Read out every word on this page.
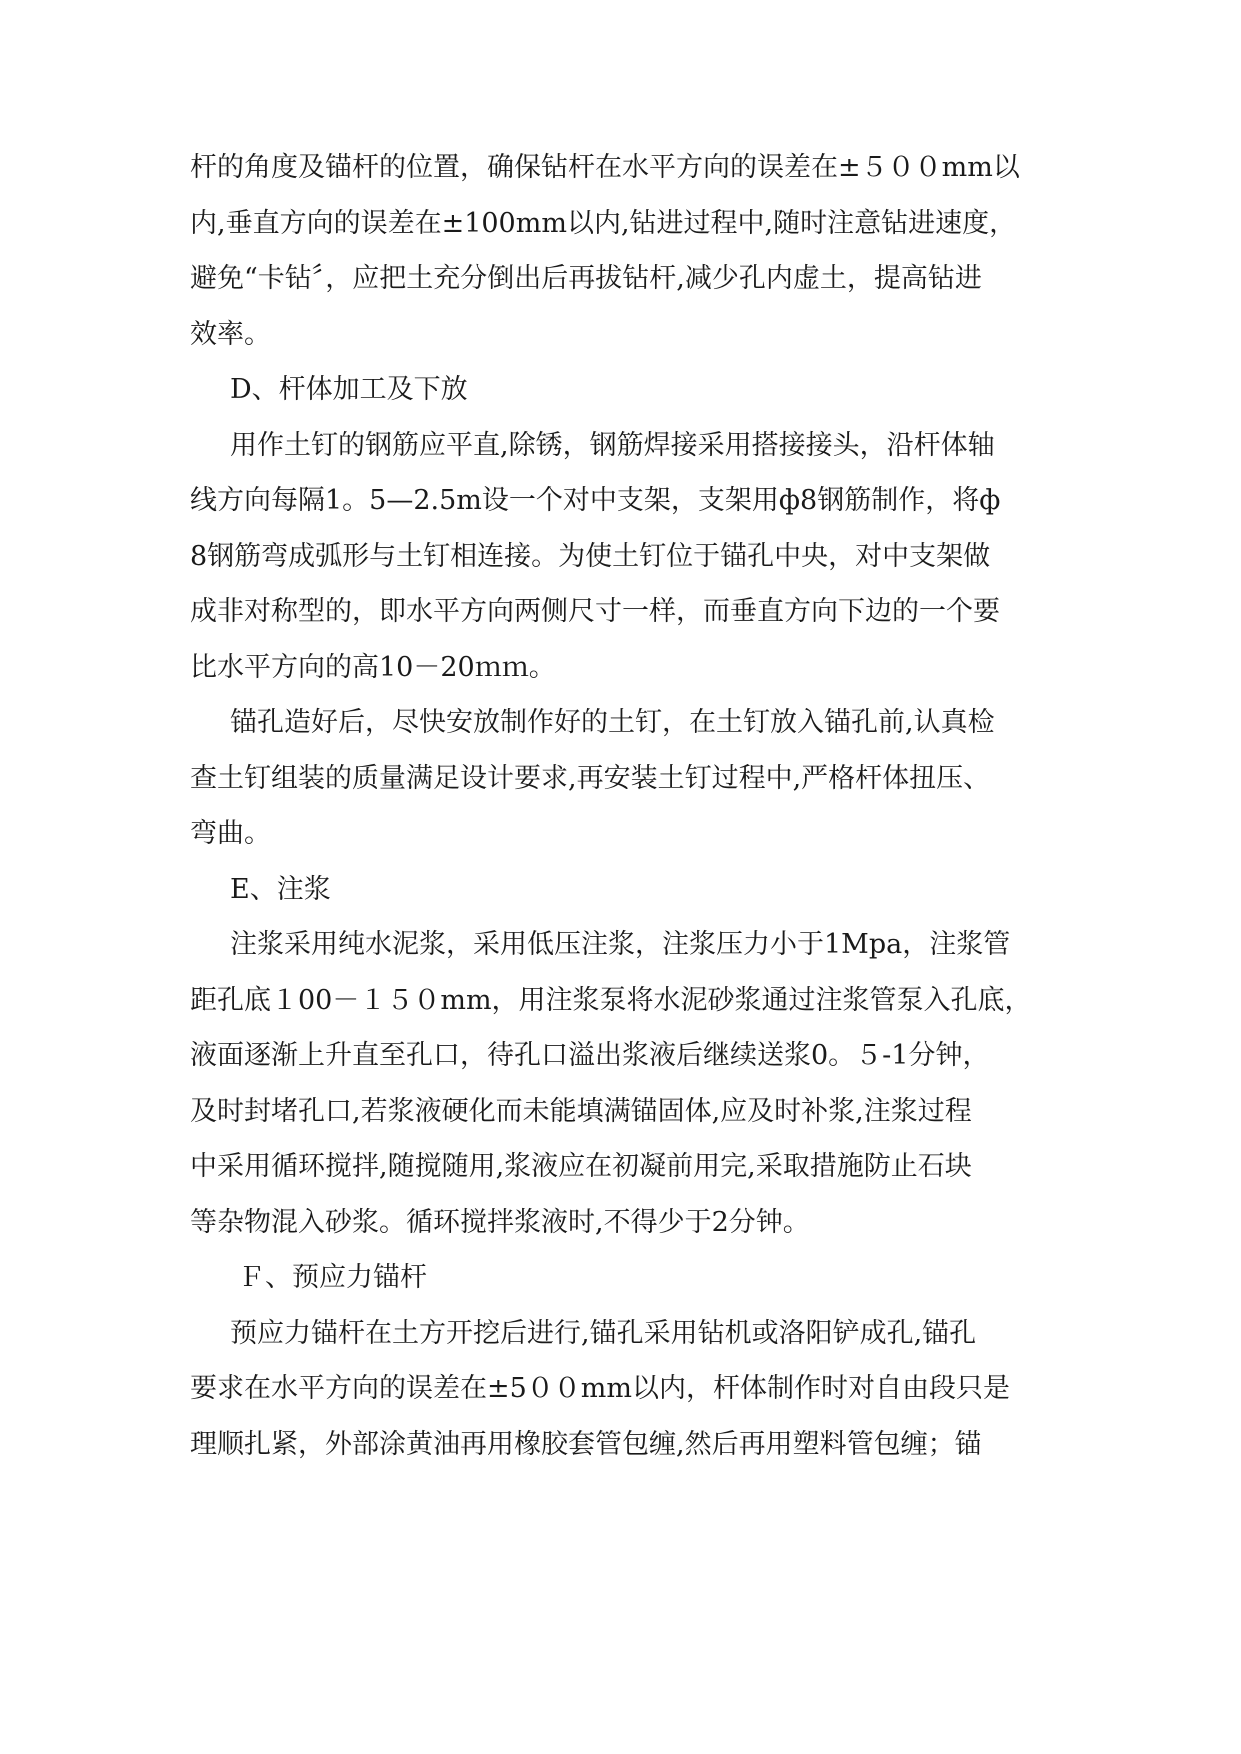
杆的角度及锚杆的位置，确保钻杆在水平方向的误差在±５００mm以
内,垂直方向的误差在±100mm以内,钻进过程中,随时注意钻进速度，
避免“卡钻〞，应把土充分倒出后再拔钻杆,减少孔内虚土，提高钻进
效率。
D、杆体加工及下放
用作土钉的钢筋应平直,除锈，钢筋焊接采用搭接接头，沿杆体轴
线方向每隔1。5—2.5m设一个对中支架，支架用ф8钢筋制作，将ф
8钢筋弯成弧形与土钉相连接。为使土钉位于锚孔中央，对中支架做
成非对称型的，即水平方向两侧尺寸一样，而垂直方向下边的一个要
比水平方向的高10－20ｍｍ。
锚孔造好后，尽快安放制作好的土钉，在土钉放入锚孔前,认真检
查土钉组装的质量满足设计要求,再安装土钉过程中,严格杆体扭压、
弯曲。
E、注浆
注浆采用纯水泥浆，采用低压注浆，注浆压力小于1Mpa，注浆管
距孔底１00－１５０mm，用注浆泵将水泥砂浆通过注浆管泵入孔底，
液面逐渐上升直至孔口，待孔口溢出浆液后继续送浆0。５-1分钟，
及时封堵孔口,若浆液硬化而未能填满锚固体,应及时补浆,注浆过程
中采用循环搅拌,随搅随用,浆液应在初凝前用完,采取措施防止石块
等杂物混入砂浆。循环搅拌浆液时,不得少于2分钟。
Ｆ、预应力锚杆
预应力锚杆在土方开挖后进行,锚孔采用钻机或洛阳铲成孔,锚孔
要求在水平方向的误差在±5００mm以内，杆体制作时对自由段只是
理顺扎紧，外部涂黄油再用橡胶套管包缠,然后再用塑料管包缠；锚
